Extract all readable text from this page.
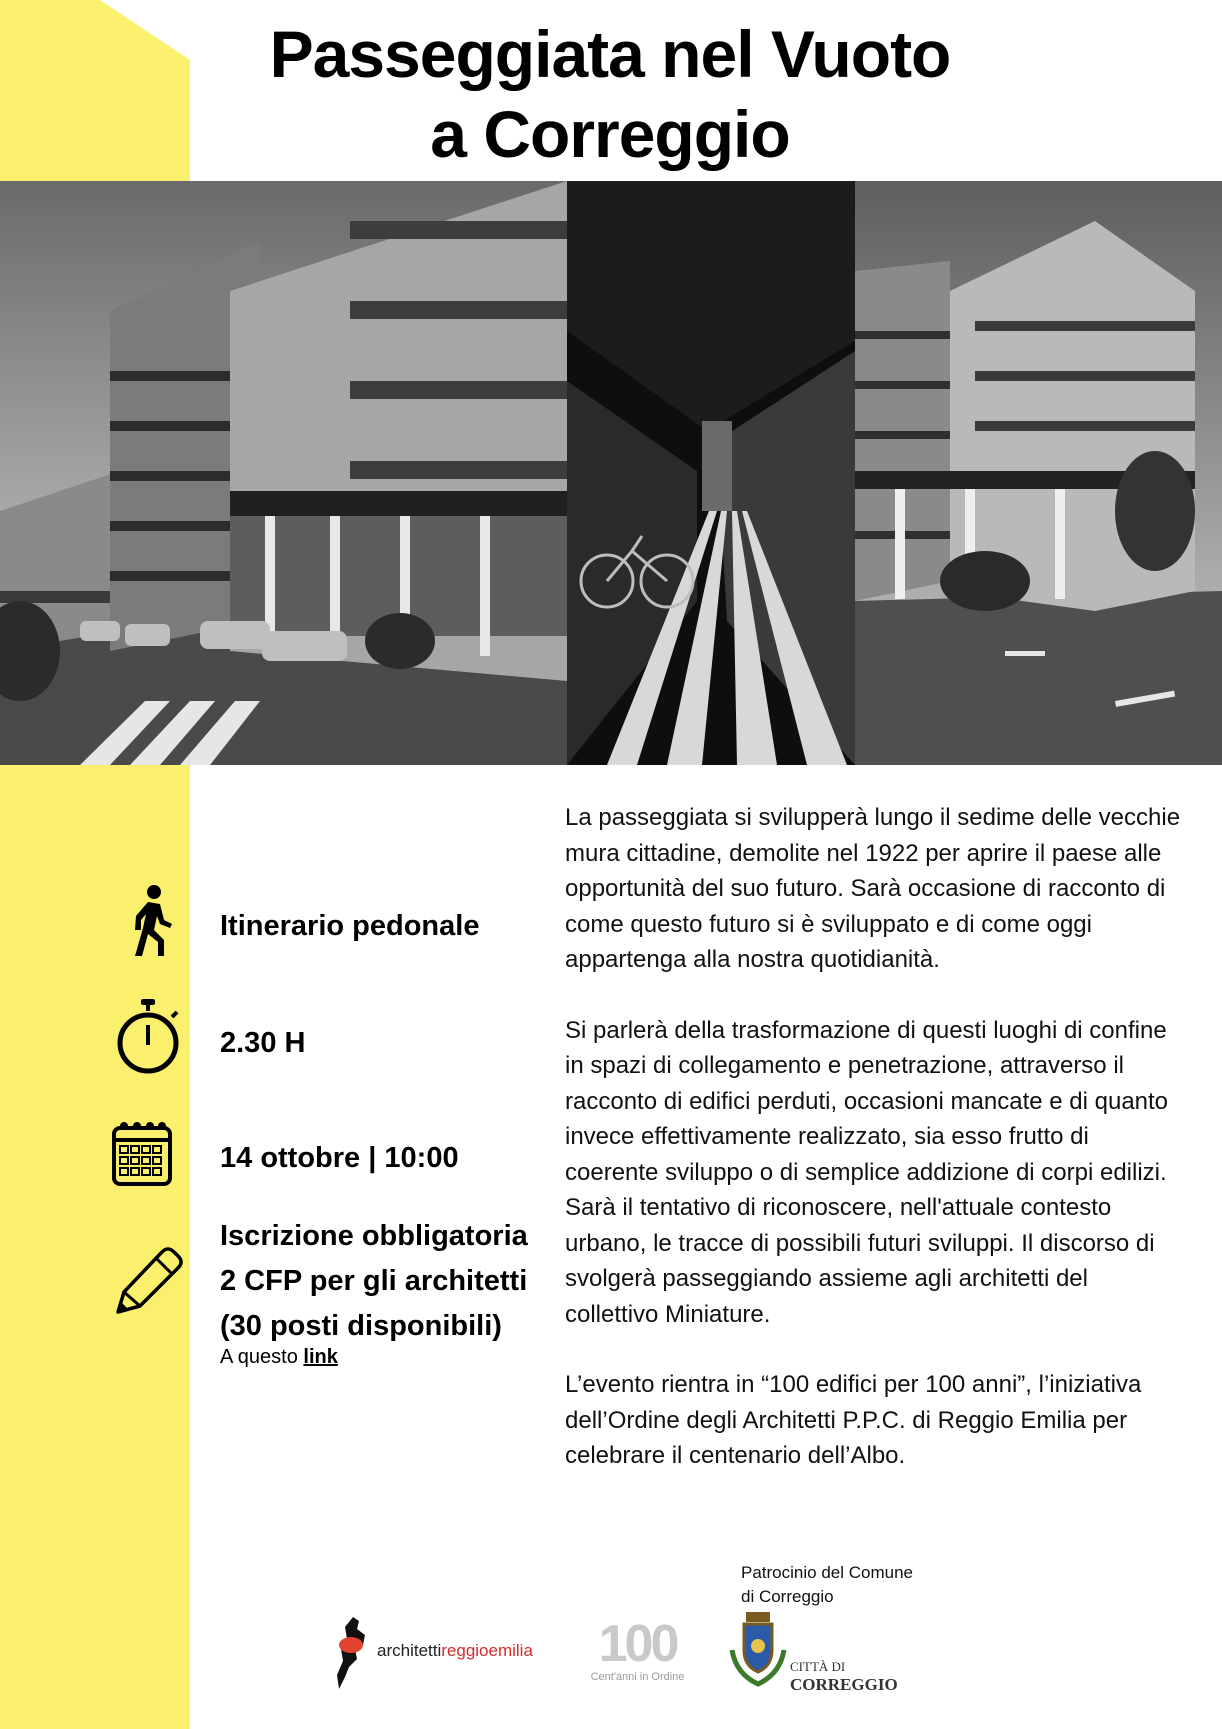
Passeggiata nel Vuoto
a Correggio
Itinerario pedonale
2.30 H
14 ottobre | 10:00
Iscrizione obbligatoria
2 CFP per gli architetti
(30 posti disponibili)
A questo link

La passeggiata si svilupperà lungo il sedime delle vecchie mura cittadine, demolite nel 1922 per aprire il paese alle opportunità del suo futuro. Sarà occasione di racconto di come questo futuro si è sviluppato e di come oggi appartenga alla nostra quotidianità.

Si parlerà della trasformazione di questi luoghi di confine in spazi di collegamento e penetrazione, attraverso il racconto di edifici perduti, occasioni mancate e di quanto invece effettivamente realizzato, sia esso frutto di coerente sviluppo o di semplice addizione di corpi edilizi. Sarà il tentativo di riconoscere, nell'attuale contesto urbano, le tracce di possibili futuri sviluppi. Il discorso di svolgerà passeggiando assieme agli architetti del collettivo Miniature.

L’evento rientra in “100 edifici per 100 anni”, l’iniziativa dell’Ordine degli Architetti P.P.C. di Reggio Emilia per celebrare il centenario dell’Albo.

Patrocinio del Comune
di Correggio
architettireggioemilia	100
Cent'anni in Ordine
CITTÀ DI
CORREGGIO
